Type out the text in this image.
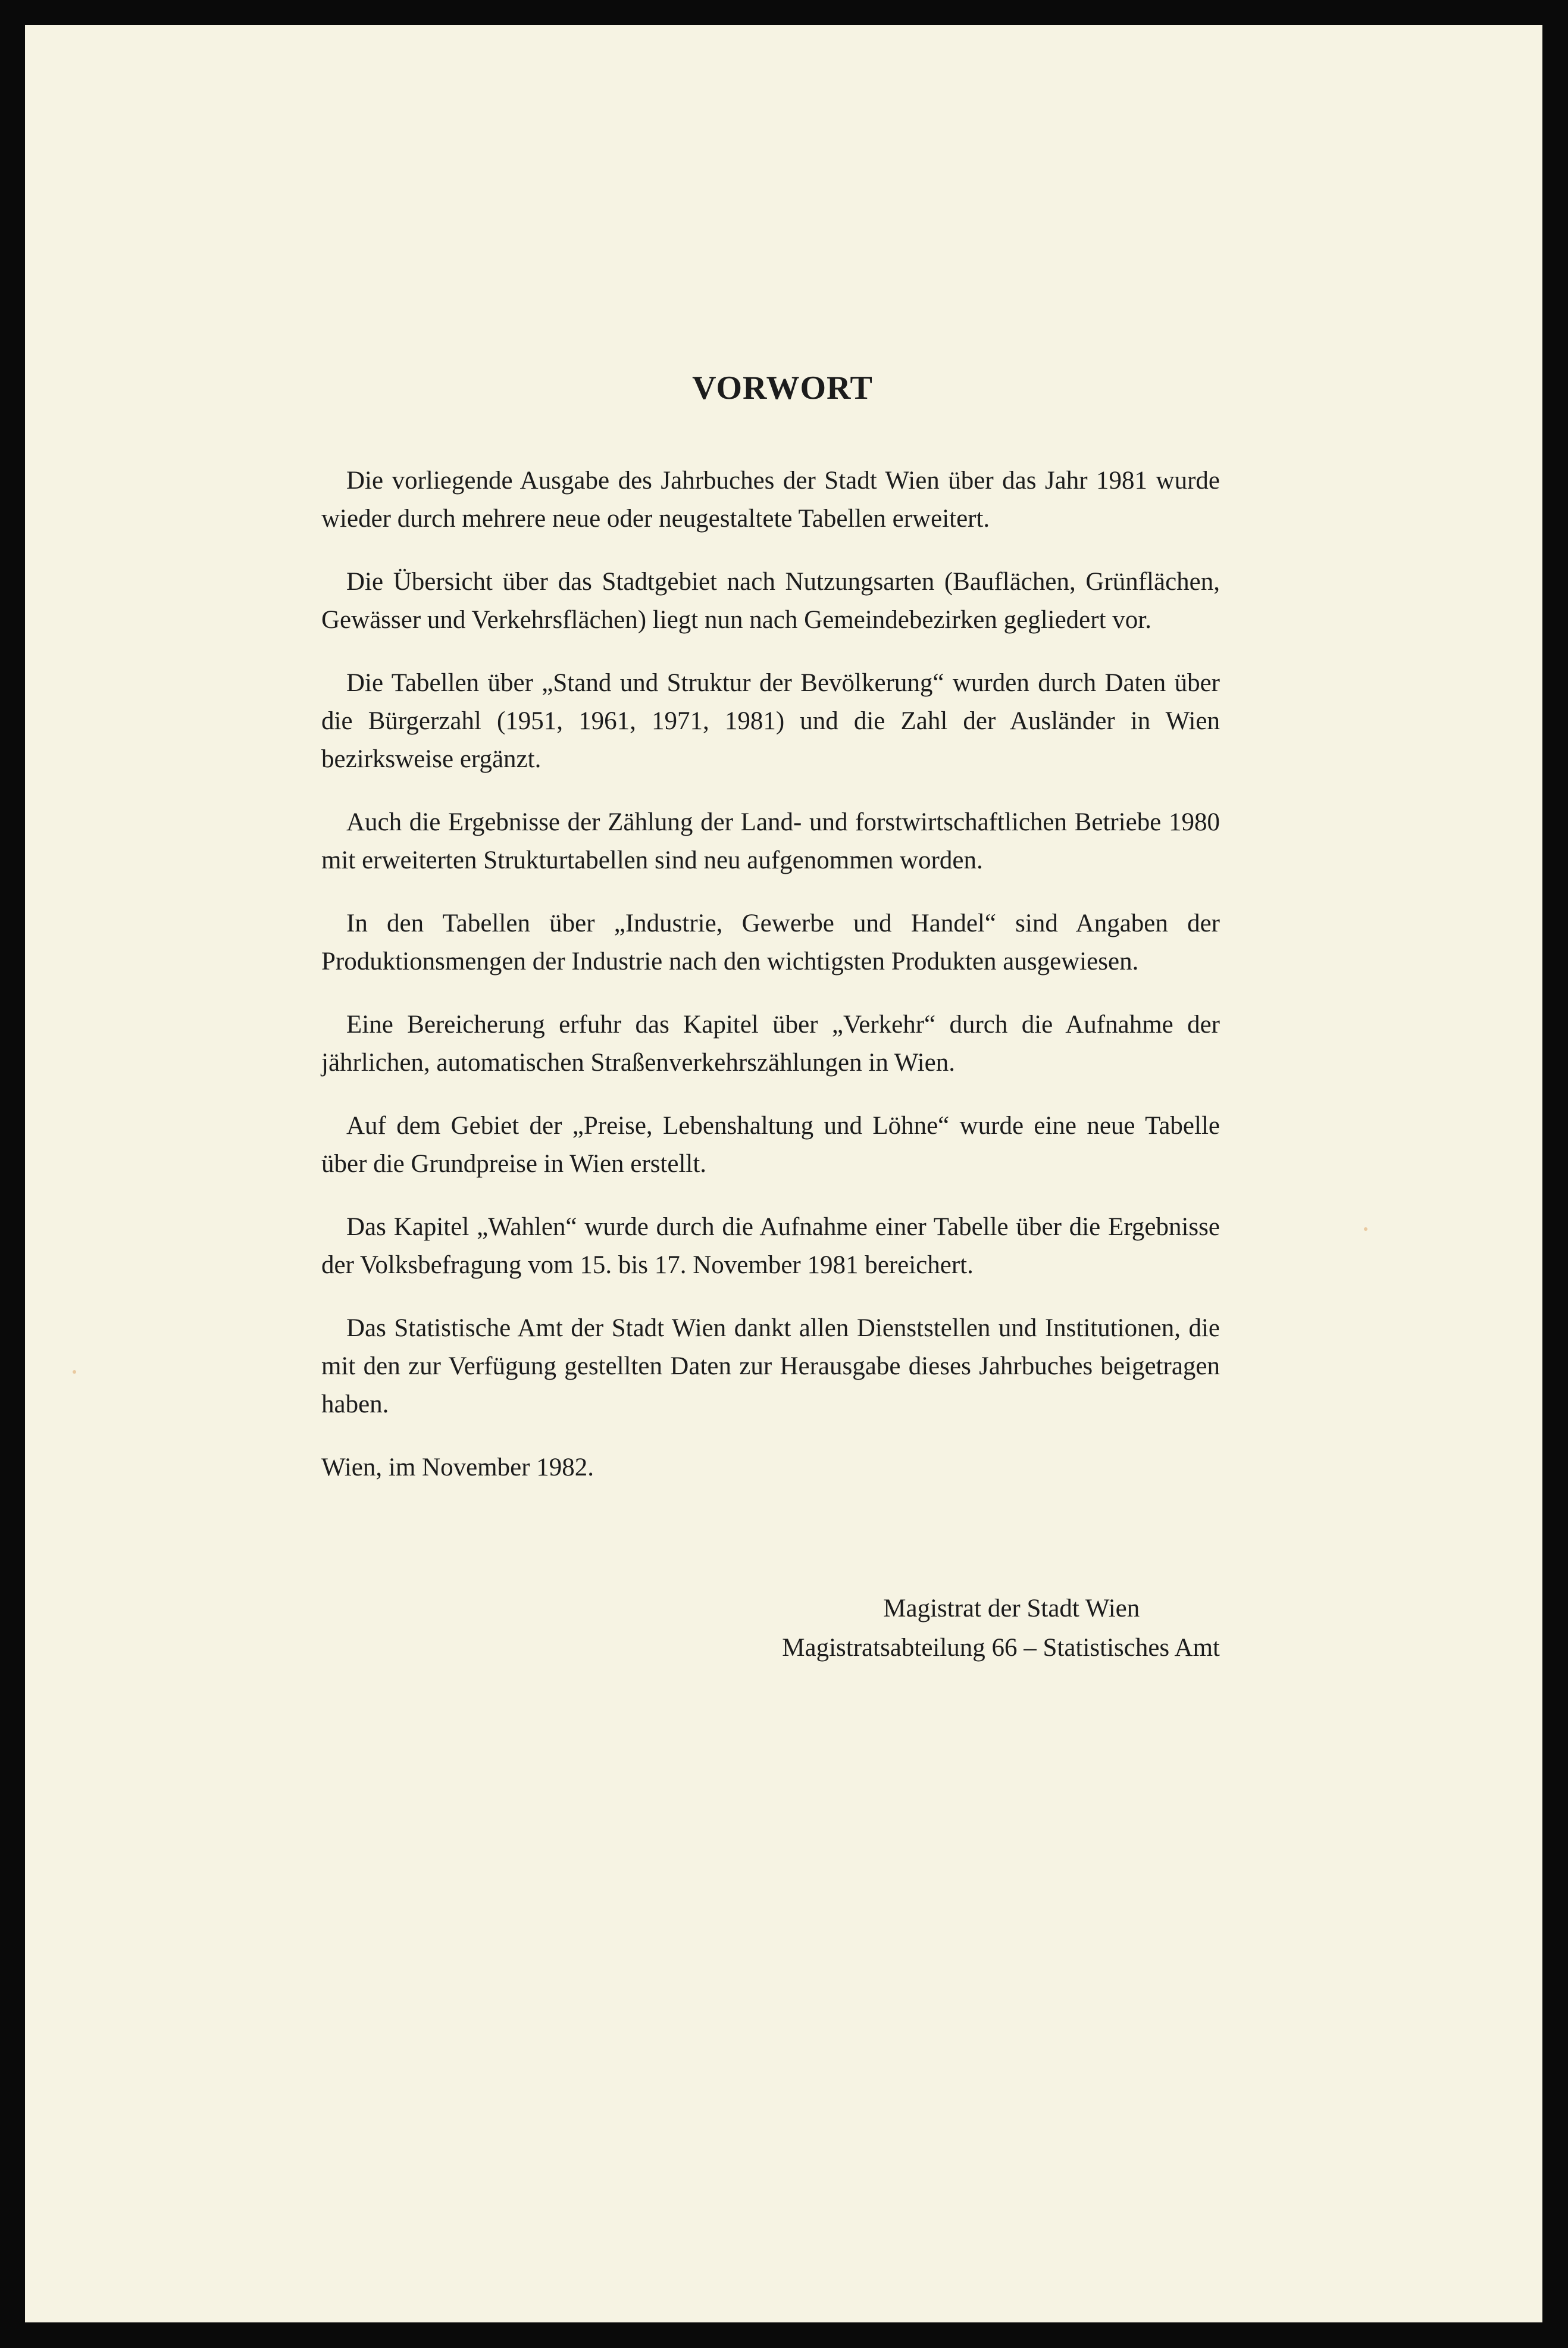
VORWORT

Die vorliegende Ausgabe des Jahrbuches der Stadt Wien über das Jahr 1981 wurde wieder durch mehrere neue oder neugestaltete Tabellen erweitert.

Die Übersicht über das Stadtgebiet nach Nutzungsarten (Bauflächen, Grünflächen, Gewässer und Verkehrsflächen) liegt nun nach Gemeindebezirken gegliedert vor.

Die Tabellen über „Stand und Struktur der Bevölkerung“ wurden durch Daten über die Bürgerzahl (1951, 1961, 1971, 1981) und die Zahl der Ausländer in Wien bezirksweise ergänzt.

Auch die Ergebnisse der Zählung der Land- und forstwirtschaftlichen Betriebe 1980 mit erweiterten Strukturtabellen sind neu aufgenommen worden.

In den Tabellen über „Industrie, Gewerbe und Handel“ sind Angaben der Produktionsmengen der Industrie nach den wichtigsten Produkten ausgewiesen.

Eine Bereicherung erfuhr das Kapitel über „Verkehr“ durch die Aufnahme der jährlichen, automatischen Straßenverkehrszählungen in Wien.

Auf dem Gebiet der „Preise, Lebenshaltung und Löhne“ wurde eine neue Tabelle über die Grundpreise in Wien erstellt.

Das Kapitel „Wahlen“ wurde durch die Aufnahme einer Tabelle über die Ergebnisse der Volksbefragung vom 15. bis 17. November 1981 bereichert.

Das Statistische Amt der Stadt Wien dankt allen Dienststellen und Institutionen, die mit den zur Verfügung gestellten Daten zur Herausgabe dieses Jahrbuches beigetragen haben.

Wien, im November 1982.

Magistrat der Stadt Wien
Magistratsabteilung 66 – Statistisches Amt
